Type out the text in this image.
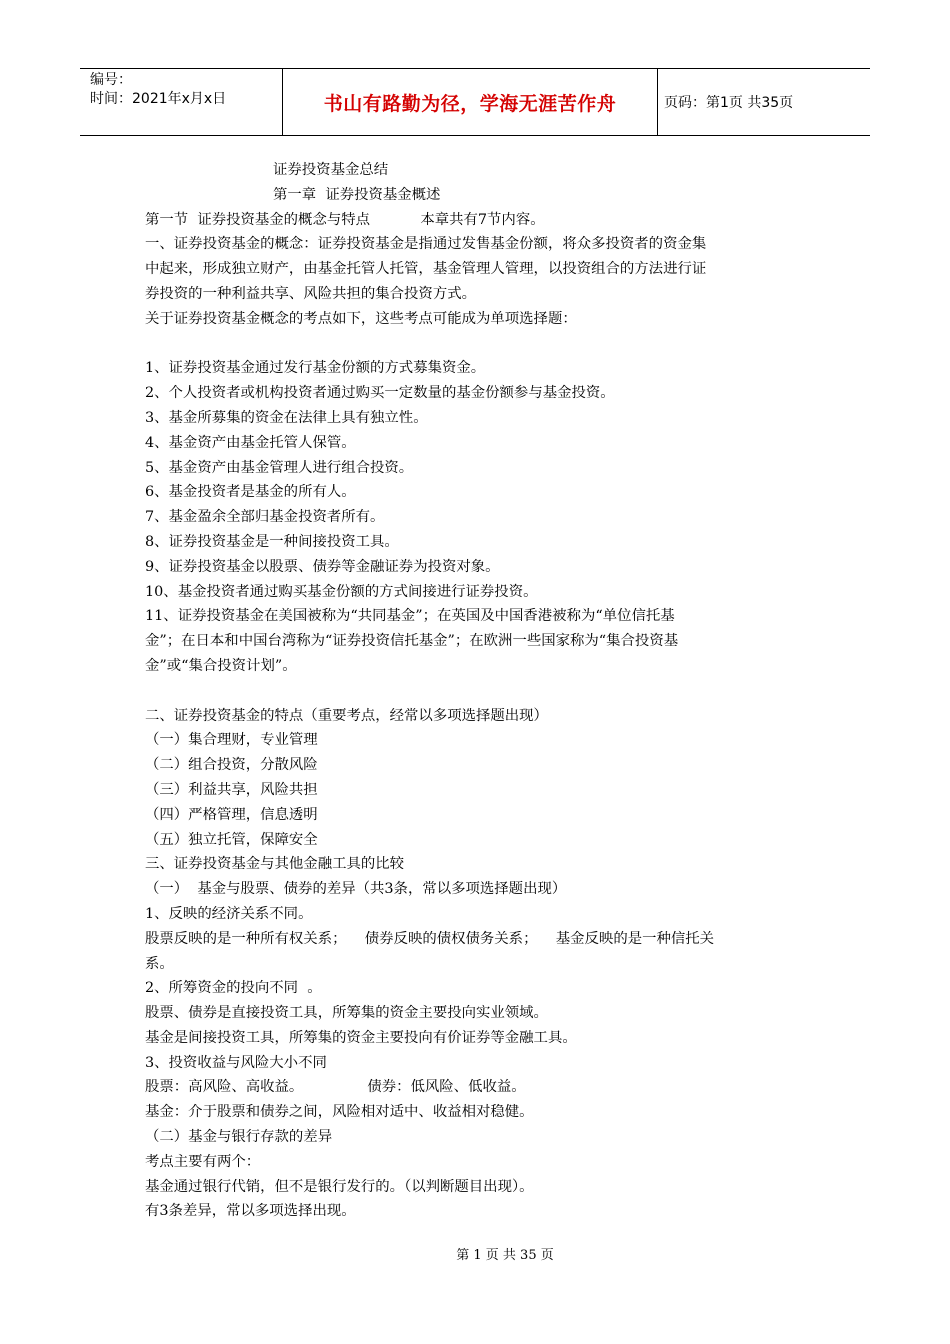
编号：
时间：2021年x月x日	书山有路勤为径，学海无涯苦作舟	页码：第1页 共35页
证券投资基金总结
第一章  证券投资基金概述
第一节  证券投资基金的概念与特点           本章共有7节内容。
一、证券投资基金的概念：证券投资基金是指通过发售基金份额，将众多投资者的资金集
中起来，形成独立财产，由基金托管人托管，基金管理人管理，以投资组合的方法进行证
券投资的一种利益共享、风险共担的集合投资方式。
关于证券投资基金概念的考点如下，这些考点可能成为单项选择题：
1、证券投资基金通过发行基金份额的方式募集资金。
2、个人投资者或机构投资者通过购买一定数量的基金份额参与基金投资。
3、基金所募集的资金在法律上具有独立性。
4、基金资产由基金托管人保管。
5、基金资产由基金管理人进行组合投资。
6、基金投资者是基金的所有人。
7、基金盈余全部归基金投资者所有。
8、证券投资基金是一种间接投资工具。
9、证券投资基金以股票、债券等金融证券为投资对象。
10、基金投资者通过购买基金份额的方式间接进行证券投资。
11、证券投资基金在美国被称为“共同基金”；在英国及中国香港被称为“单位信托基
金”；在日本和中国台湾称为“证券投资信托基金”；在欧洲一些国家称为“集合投资基
金”或“集合投资计划”。
二、证券投资基金的特点（重要考点，经常以多项选择题出现）
（一）集合理财，专业管理
（二）组合投资，分散风险
（三）利益共享，风险共担
（四）严格管理，信息透明
（五）独立托管，保障安全
三、证券投资基金与其他金融工具的比较
（一）  基金与股票、债券的差异（共3条，常以多项选择题出现）
1、反映的经济关系不同。
股票反映的是一种所有权关系；    债券反映的债权债务关系；    基金反映的是一种信托关
系。
2、所筹资金的投向不同  。
股票、债券是直接投资工具，所筹集的资金主要投向实业领域。
基金是间接投资工具，所筹集的资金主要投向有价证券等金融工具。
3、投资收益与风险大小不同
股票：高风险、高收益。              债券：低风险、低收益。
基金：介于股票和债券之间，风险相对适中、收益相对稳健。
（二）基金与银行存款的差异
考点主要有两个：
基金通过银行代销，但不是银行发行的。（以判断题目出现）。
有3条差异，常以多项选择出现。
第 1 页 共 35 页
